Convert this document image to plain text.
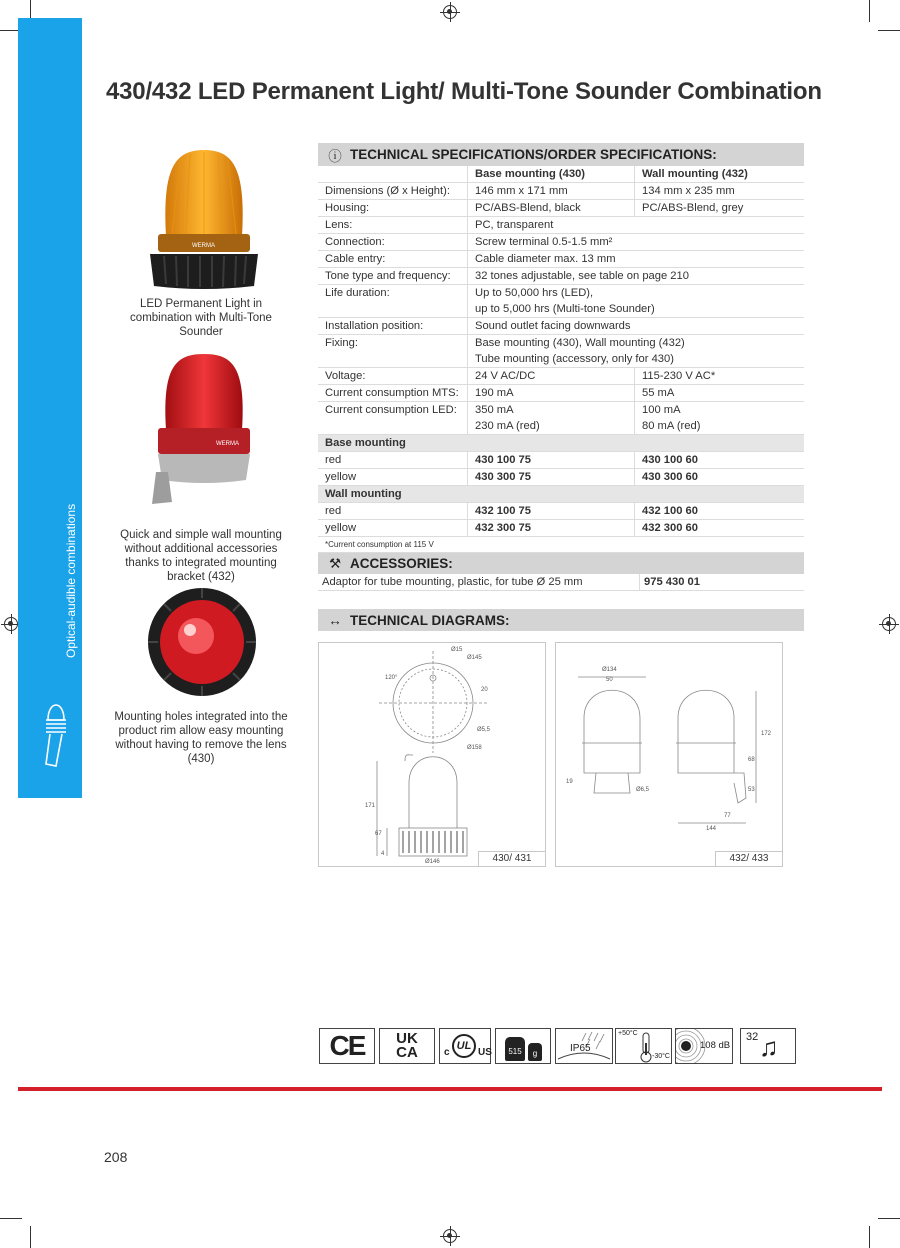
Optical-audible combinations
430/432 LED Permanent Light/ Multi-Tone Sounder Combination
WERMA
LED Permanent Light in combination with Multi-Tone Sounder
WERMA
Quick and simple wall mounting without additional accessories thanks to integrated mounting bracket (432)
Mounting holes integrated into the product rim allow easy mounting without having to remove the lens (430)
ⓘ TECHNICAL SPECIFICATIONS/ORDER SPECIFICATIONS:
	Base mounting (430)	Wall mounting (432)
Dimensions (Ø x Height):	146 mm x 171 mm	134 mm x 235 mm
Housing:	PC/ABS-Blend, black	PC/ABS-Blend, grey
Lens:	PC, transparent	
Connection:	Screw terminal 0.5-1.5 mm²	
Cable entry:	Cable diameter max. 13 mm	
Tone type and frequency:	32 tones adjustable, see table on page 210	
Life duration:	Up to 50,000 hrs (LED),	
	up to 5,000 hrs (Multi-tone Sounder)	
Installation position:	Sound outlet facing downwards	
Fixing:	Base mounting (430), Wall mounting (432)	
	Tube mounting (accessory, only for 430)	
Voltage:	24 V AC/DC	115-230 V AC*
Current consumption MTS:	190 mA	55 mA
Current consumption LED:	350 mA	100 mA
	230 mA (red)	80 mA (red)
Base mounting		
red	430 100 75	430 100 60
yellow	430 300 75	430 300 60
Wall mounting		
red	432 100 75	432 100 60
yellow	432 300 75	432 300 60
*Current consumption at 115 V		
⚒ ACCESSORIES:
Adaptor for tube mounting, plastic, for tube Ø 25 mm	975 430 01
↔ TECHNICAL DIAGRAMS:
Ø15
Ø145
120°
20
Ø5,5
Ø158
171
67
4
Ø146	430/ 431
Ø134
50
19
Ø6,5
172
68
53
77
144
432/ 433
CE	UK
CA	c
UL
US	515	g	IP65
+50°C
-30°C
108 dB
32 ♫
208
